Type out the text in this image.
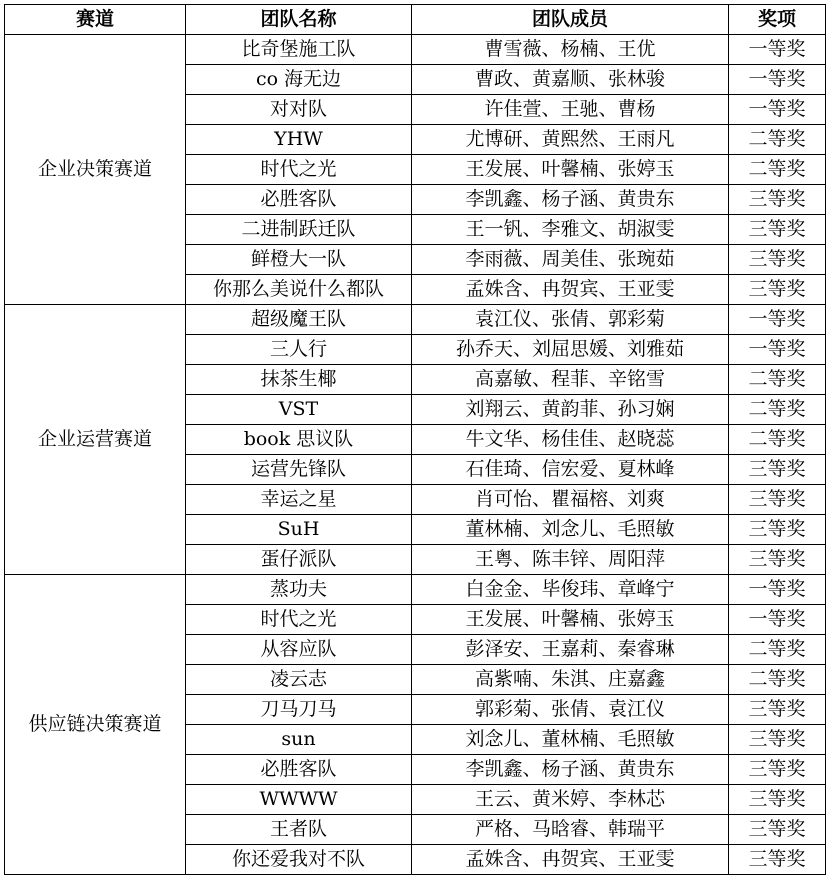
赛道	团队名称	团队成员	奖项
企业决策赛道	比奇堡施工队	曹雪薇、杨楠、王优	一等奖
	co 海无边	曹政、黄嘉顺、张林骏	一等奖
	对对队	许佳萱、王驰、曹杨	一等奖
	YHW	尤博研、黄熙然、王雨凡	二等奖
	时代之光	王发展、叶馨楠、张婷玉	二等奖
	必胜客队	李凯鑫、杨子涵、黄贵东	三等奖
	二进制跃迁队	王一钒、李雅文、胡淑雯	三等奖
	鲜橙大一队	李雨薇、周美佳、张琬茹	三等奖
	你那么美说什么都队	孟姝含、冉贺宾、王亚雯	三等奖
企业运营赛道	超级魔王队	袁江仪、张倩、郭彩菊	一等奖
	三人行	孙乔天、刘屈思媛、刘雅茹	一等奖
	抹茶生椰	高嘉敏、程菲、辛铭雪	二等奖
	VST	刘翔云、黄韵菲、孙习娴	二等奖
	book 思议队	牛文华、杨佳佳、赵晓蕊	二等奖
	运营先锋队	石佳琦、信宏爱、夏林峰	三等奖
	幸运之星	肖可怡、瞿福榕、刘爽	三等奖
	SuH	董林楠、刘念儿、毛照敏	三等奖
	蛋仔派队	王粤、陈丰锌、周阳萍	三等奖
供应链决策赛道	蒸功夫	白金金、毕俊玮、章峰宁	一等奖
	时代之光	王发展、叶馨楠、张婷玉	一等奖
	从容应队	彭泽安、王嘉莉、秦睿琳	二等奖
	凌云志	高紫喃、朱淇、庄嘉鑫	二等奖
	刀马刀马	郭彩菊、张倩、袁江仪	三等奖
	sun	刘念儿、董林楠、毛照敏	三等奖
	必胜客队	李凯鑫、杨子涵、黄贵东	三等奖
	WWWW	王云、黄米婷、李林芯	三等奖
	王者队	严格、马晗睿、韩瑞平	三等奖
	你还爱我对不队	孟姝含、冉贺宾、王亚雯	三等奖
